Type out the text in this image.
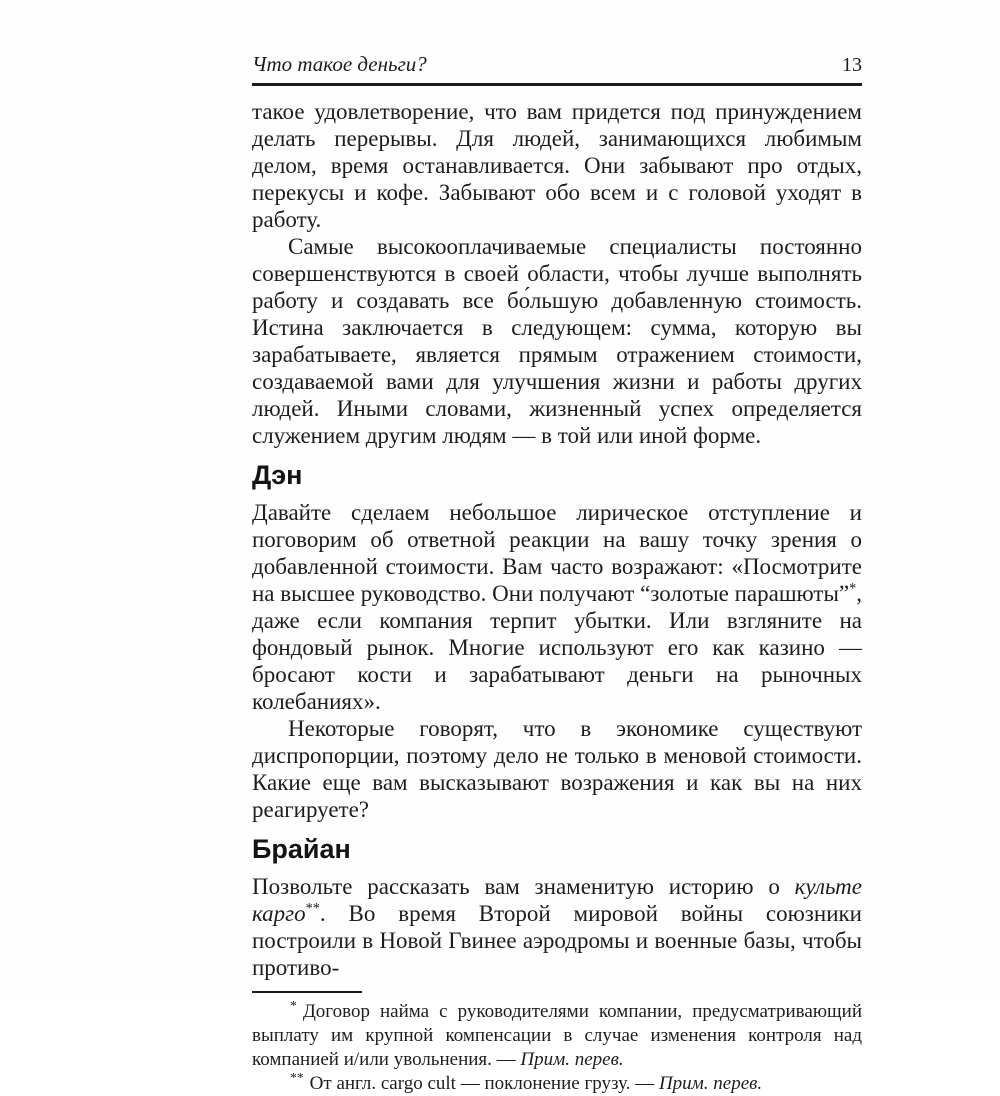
Что такое деньги?	13

такое удовлетворение, что вам придется под принуждением делать перерывы. Для людей, занимающихся любимым делом, время останавливается. Они забывают про отдых, перекусы и кофе. Забывают обо всем и с головой уходят в работу.

Самые высокооплачиваемые специалисты постоянно совершенствуются в своей области, чтобы лучше выполнять работу и создавать все бо́льшую добавленную стоимость. Истина заключается в следующем: сумма, которую вы зарабатываете, является прямым отражением стоимости, создаваемой вами для улучшения жизни и работы других людей. Иными словами, жизненный успех определяется служением другим людям — в той или иной форме.

Дэн

Давайте сделаем небольшое лирическое отступление и поговорим об ответной реакции на вашу точку зрения о добавленной стоимости. Вам часто возражают: «Посмотрите на высшее руководство. Они получают “золотые парашюты”*, даже если компания терпит убытки. Или взгляните на фондовый рынок. Многие используют его как казино — бросают кости и зарабатывают деньги на рыночных колебаниях».

Некоторые говорят, что в экономике существуют диспропорции, поэтому дело не только в меновой стоимости. Какие еще вам высказывают возражения и как вы на них реагируете?

Брайан

Позвольте рассказать вам знаменитую историю о культе карго**. Во время Второй мировой войны союзники построили в Новой Гвинее аэродромы и военные базы, чтобы противо-

* Договор найма с руководителями компании, предусматривающий выплату им крупной компенсации в случае изменения контроля над компанией и/или увольнения. — Прим. перев.

** От англ. cargo cult — поклонение грузу. — Прим. перев.
